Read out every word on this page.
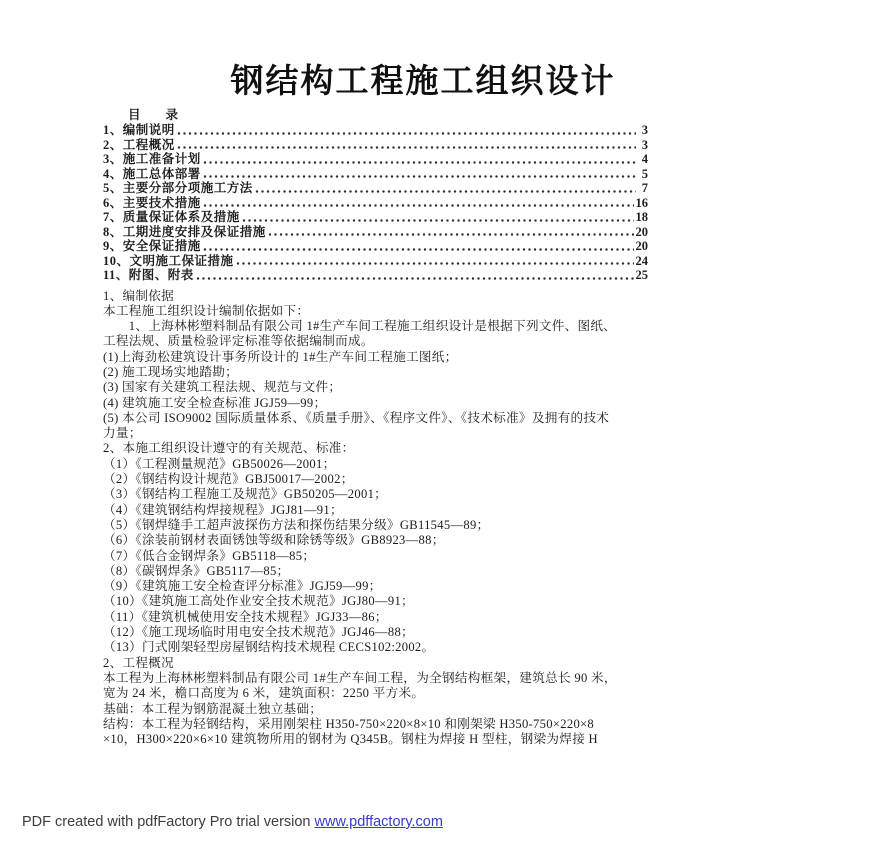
钢结构工程施工组织设计
目　　录
1、编制说明	3
2、工程概况	3
3、施工准备计划	4
4、施工总体部署	5
5、主要分部分项施工方法	7
6、主要技术措施	16
7、质量保证体系及措施	18
8、工期进度安排及保证措施	20
9、安全保证措施	20
10、文明施工保证措施	24
11、附图、附表	25
1、编制依据
本工程施工组织设计编制依据如下：
　　1、上海林彬塑料制品有限公司 1#生产车间工程施工组织设计是根据下列文件、图纸、
工程法规、质量检验评定标准等依据编制而成。
(1)上海劲松建筑设计事务所设计的 1#生产车间工程施工图纸；
(2) 施工现场实地踏勘；
(3) 国家有关建筑工程法规、规范与文件；
(4) 建筑施工安全检查标准 JGJ59—99；
(5) 本公司 ISO9002 国际质量体系、《质量手册》、《程序文件》、《技术标准》及拥有的技术
力量；
2、本施工组织设计遵守的有关规范、标准：
（1）《工程测量规范》GB50026—2001；
（2）《钢结构设计规范》GBJ50017—2002；
（3）《钢结构工程施工及规范》GB50205—2001；
（4）《建筑钢结构焊接规程》JGJ81—91；
（5）《钢焊缝手工超声波探伤方法和探伤结果分级》GB11545—89；
（6）《涂装前钢材表面锈蚀等级和除锈等级》GB8923—88；
（7）《低合金钢焊条》GB5118—85；
（8）《碳钢焊条》GB5117—85；
（9）《建筑施工安全检查评分标准》JGJ59—99；
（10）《建筑施工高处作业安全技术规范》JGJ80—91；
（11）《建筑机械使用安全技术规程》JGJ33—86；
（12）《施工现场临时用电安全技术规范》JGJ46—88；
（13）门式刚架轻型房屋钢结构技术规程 CECS102:2002。
2、工程概况
本工程为上海林彬塑料制品有限公司 1#生产车间工程，为全钢结构框架，建筑总长 90 米，
宽为 24 米，檐口高度为 6 米，建筑面积：2250 平方米。
基础：本工程为钢筋混凝土独立基础；
结构：本工程为轻钢结构，采用刚架柱 H350-750×220×8×10 和刚架梁 H350-750×220×8
×10，H300×220×6×10 建筑物所用的钢材为 Q345B。钢柱为焊接 H 型柱，钢梁为焊接 H
PDF created with pdfFactory Pro trial version www.pdffactory.com
